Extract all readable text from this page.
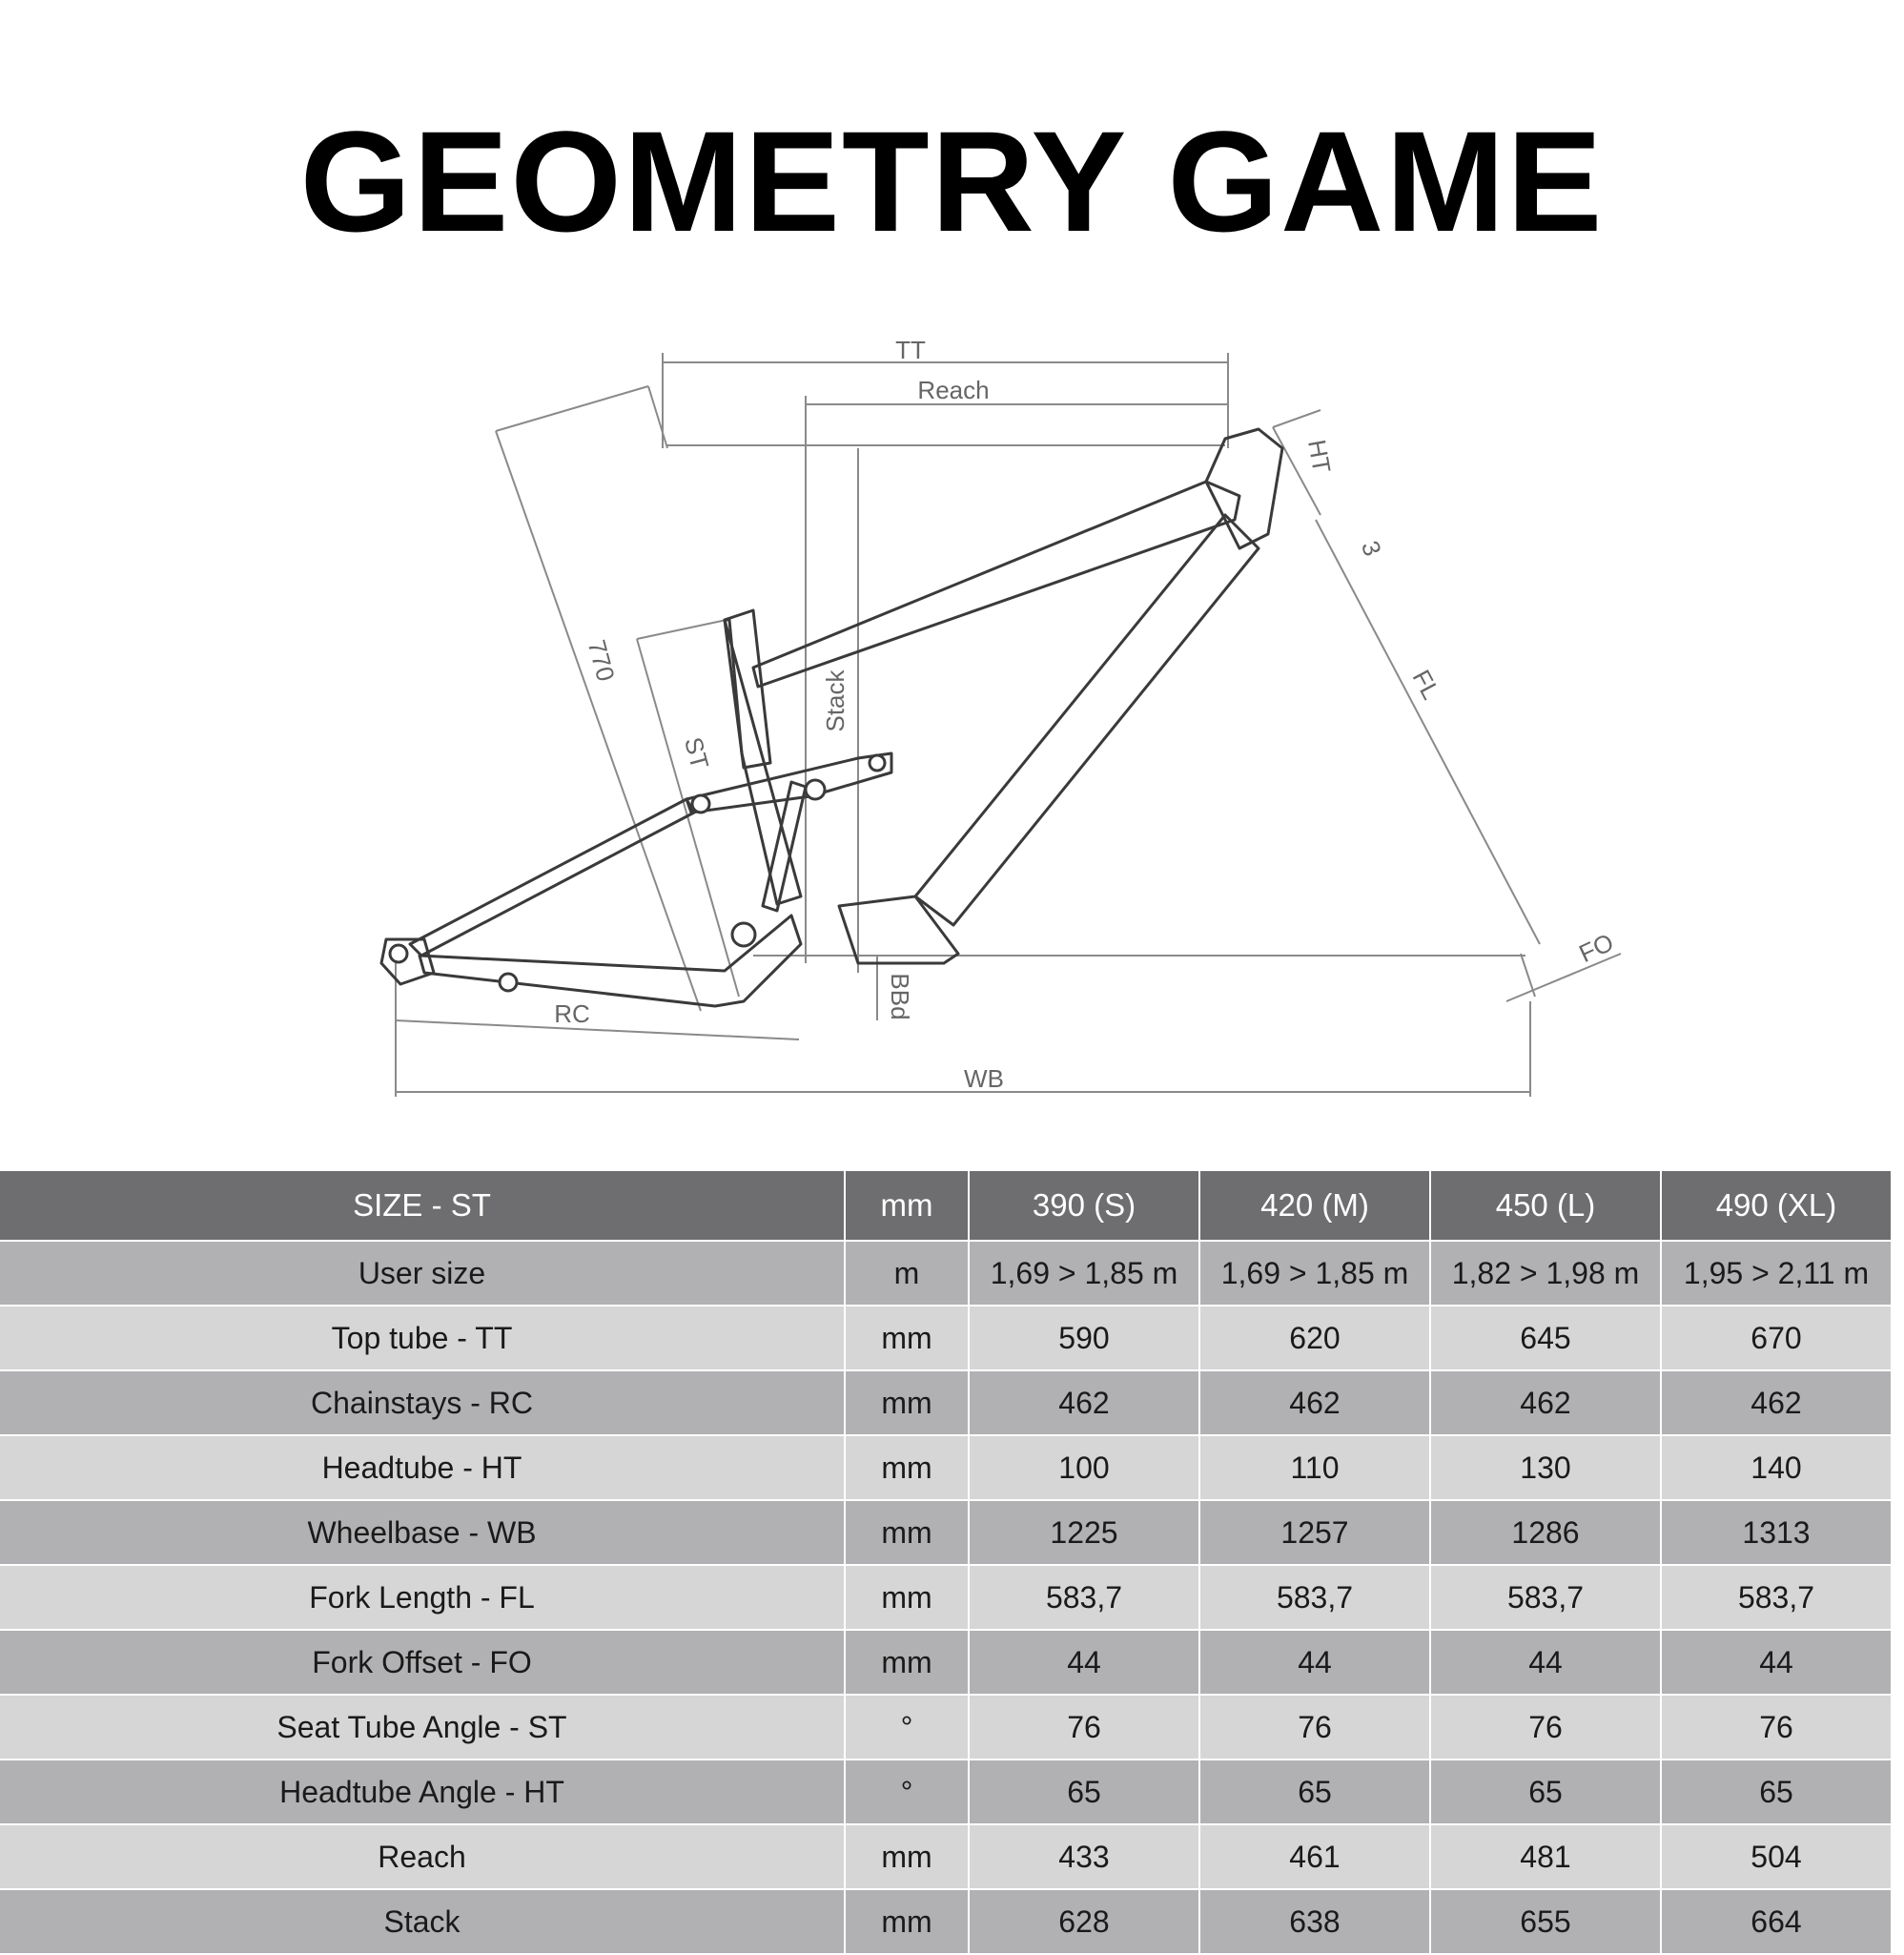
GEOMETRY GAME
TT
Reach
HT
3
FL
Stack
ST
770
FO
BBd
RC
WB
SIZE - ST	mm	390 (S)	420 (M)	450 (L)	490 (XL)
User size	m	1,69 > 1,85 m	1,69 > 1,85 m	1,82 > 1,98 m	1,95 > 2,11 m
Top tube - TT	mm	590	620	645	670
Chainstays - RC	mm	462	462	462	462
Headtube - HT	mm	100	110	130	140
Wheelbase - WB	mm	1225	1257	1286	1313
Fork Length - FL	mm	583,7	583,7	583,7	583,7
Fork Offset - FO	mm	44	44	44	44
Seat Tube Angle - ST	°	76	76	76	76
Headtube Angle - HT	°	65	65	65	65
Reach	mm	433	461	481	504
Stack	mm	628	638	655	664
